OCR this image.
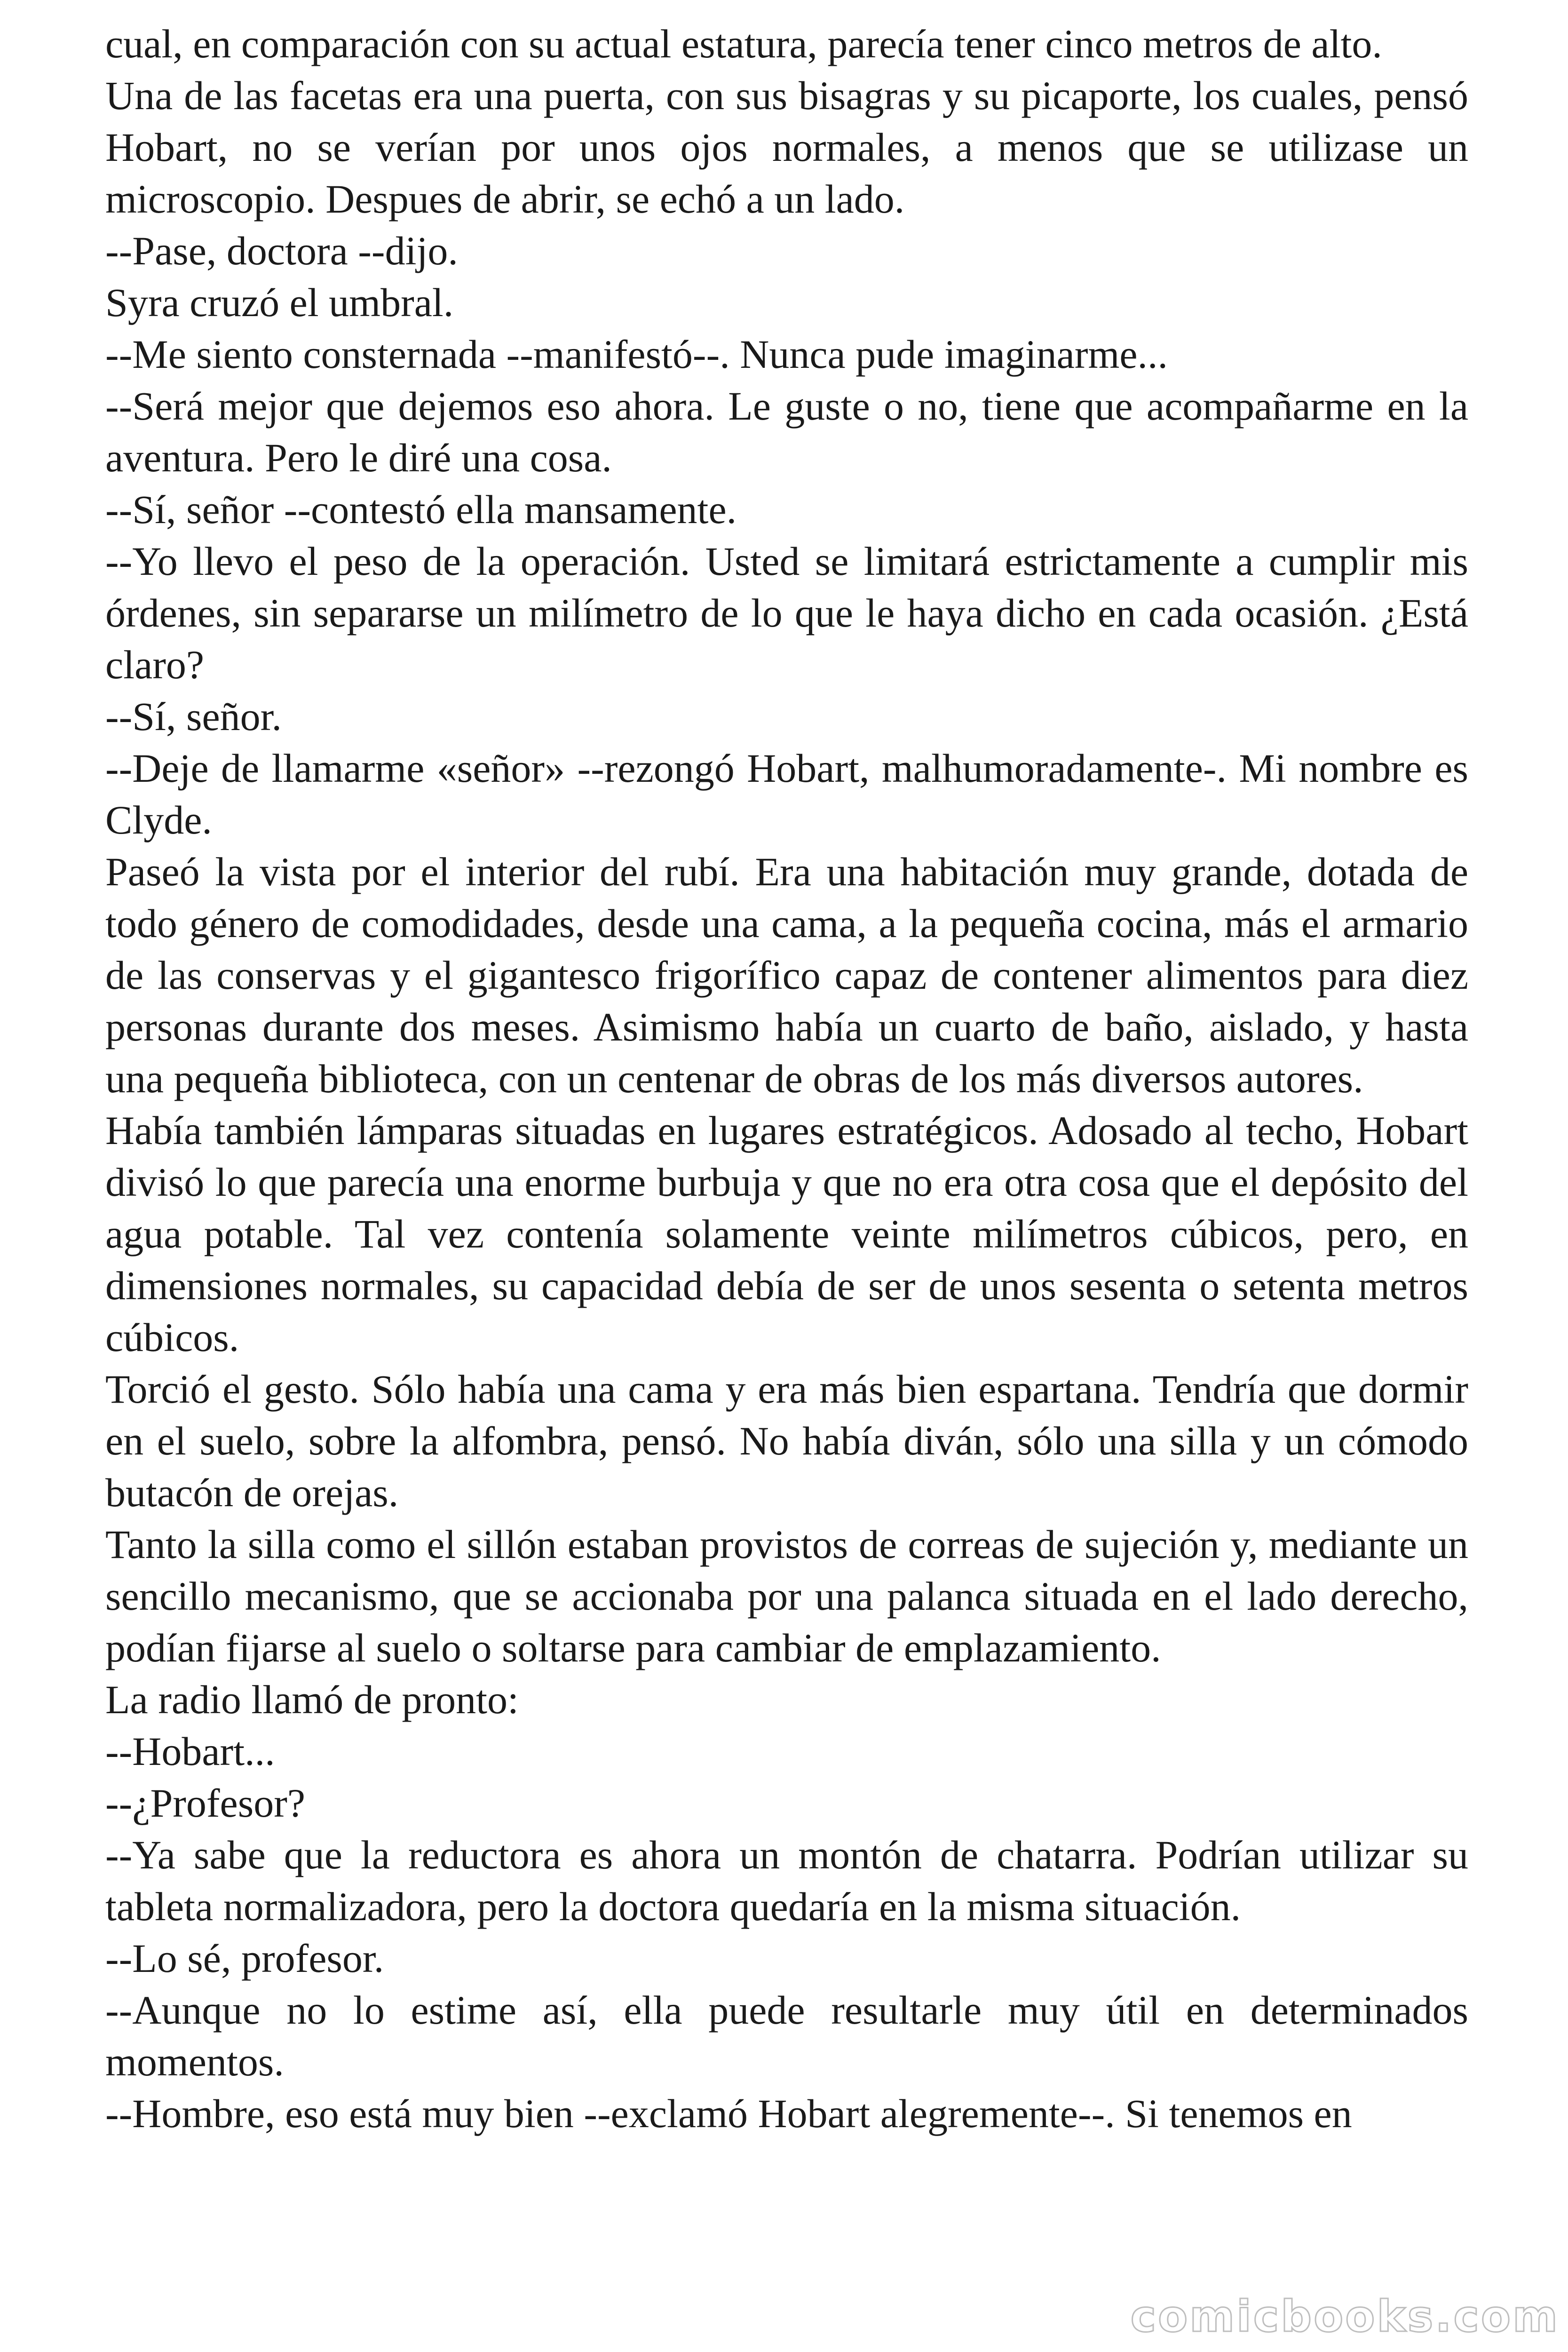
cual, en comparación con su actual estatura, parecía tener cinco metros de alto.

Una de las facetas era una puerta, con sus bisagras y su picaporte, los cuales, pensó Hobart, no se verían por unos ojos normales, a menos que se utilizase un microscopio. Despues de abrir, se echó a un lado.

--Pase, doctora --dijo.

Syra cruzó el umbral.

--Me siento consternada --manifestó--. Nunca pude imaginarme...

--Será mejor que dejemos eso ahora. Le guste o no, tiene que acompañarme en la aventura. Pero le diré una cosa.

--Sí, señor --contestó ella mansamente.

--Yo llevo el peso de la operación. Usted se limitará estrictamente a cumplir mis órdenes, sin separarse un milímetro de lo que le haya dicho en cada ocasión. ¿Está claro?

--Sí, señor.

--Deje de llamarme «señor» --rezongó Hobart, malhumoradamente-. Mi nombre es Clyde.

Paseó la vista por el interior del rubí. Era una habitación muy grande, dotada de todo género de comodidades, desde una cama, a la pequeña cocina, más el armario de las conservas y el gigantesco frigorífico capaz de contener alimentos para diez personas durante dos meses. Asimismo había un cuarto de baño, aislado, y hasta una pequeña biblioteca, con un centenar de obras de los más diversos autores.

Había también lámparas situadas en lugares estratégicos. Adosado al techo, Hobart divisó lo que parecía una enorme burbuja y que no era otra cosa que el depósito del agua potable. Tal vez contenía solamente veinte milímetros cúbicos, pero, en dimensiones normales, su capacidad debía de ser de unos sesenta o setenta metros cúbicos.

Torció el gesto. Sólo había una cama y era más bien espartana. Tendría que dormir en el suelo, sobre la alfombra, pensó. No había diván, sólo una silla y un cómodo butacón de orejas.

Tanto la silla como el sillón estaban provistos de correas de sujeción y, mediante un sencillo mecanismo, que se accionaba por una palanca situada en el lado derecho, podían fijarse al suelo o soltarse para cambiar de emplazamiento.

La radio llamó de pronto:

--Hobart...

--¿Profesor?

--Ya sabe que la reductora es ahora un montón de chatarra. Podrían utilizar su tableta normalizadora, pero la doctora quedaría en la misma situación.

--Lo sé, profesor.

--Aunque no lo estime así, ella puede resultarle muy útil en determinados momentos.

--Hombre, eso está muy bien --exclamó Hobart alegremente--. Si tenemos en

comicbooks.com
